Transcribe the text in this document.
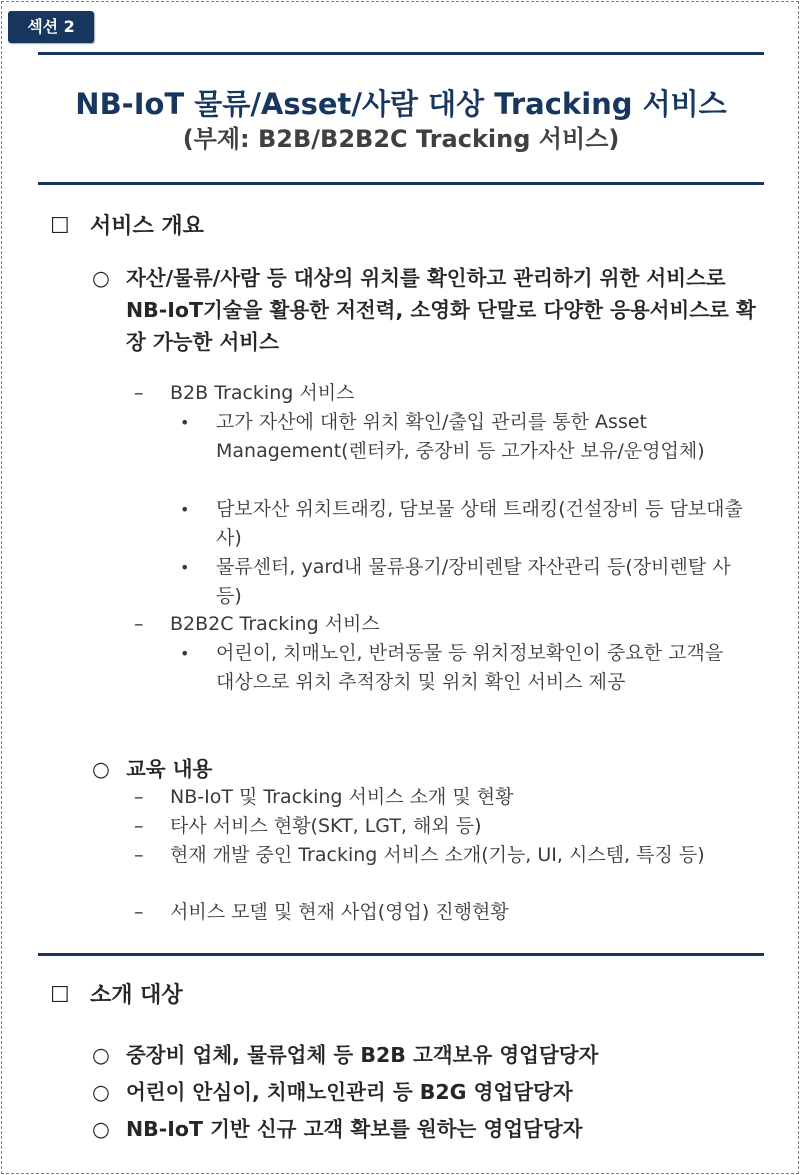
섹션 2
NB-IoT 물류/Asset/사람 대상 Tracking 서비스
(부제: B2B/B2B2C Tracking 서비스)
☐ 서비스 개요
○ 자산/물류/사람 등 대상의 위치를 확인하고 관리하기 위한 서비스로 NB-IoT기술을 활용한 저전력, 소영화 단말로 다양한 응용서비스로 확장 가능한 서비스
–	B2B Tracking 서비스
•	고가 자산에 대한 위치 확인/출입 관리를 통한 Asset Management(렌터카, 중장비 등 고가자산 보유/운영업체)
•	담보자산 위치트래킹, 담보물 상태 트래킹(건설장비 등 담보대출사)
•	물류센터, yard내 물류용기/장비렌탈 자산관리 등(장비렌탈 사 등)
–	B2B2C Tracking 서비스
•	어린이, 치매노인, 반려동물 등 위치정보확인이 중요한 고객을 대상으로 위치 추적장치 및 위치 확인 서비스 제공
○ 교육 내용
–	NB-IoT 및 Tracking 서비스 소개 및 현황
–	타사 서비스 현황(SKT, LGT, 해외 등)
–	현재 개발 중인 Tracking 서비스 소개(기능, UI, 시스템, 특징 등)
–	서비스 모델 및 현재 사업(영업) 진행현황
☐ 소개 대상
○ 중장비 업체, 물류업체 등 B2B 고객보유 영업담당자
○ 어린이 안심이, 치매노인관리 등 B2G 영업담당자
○ NB-IoT 기반 신규 고객 확보를 원하는 영업담당자
